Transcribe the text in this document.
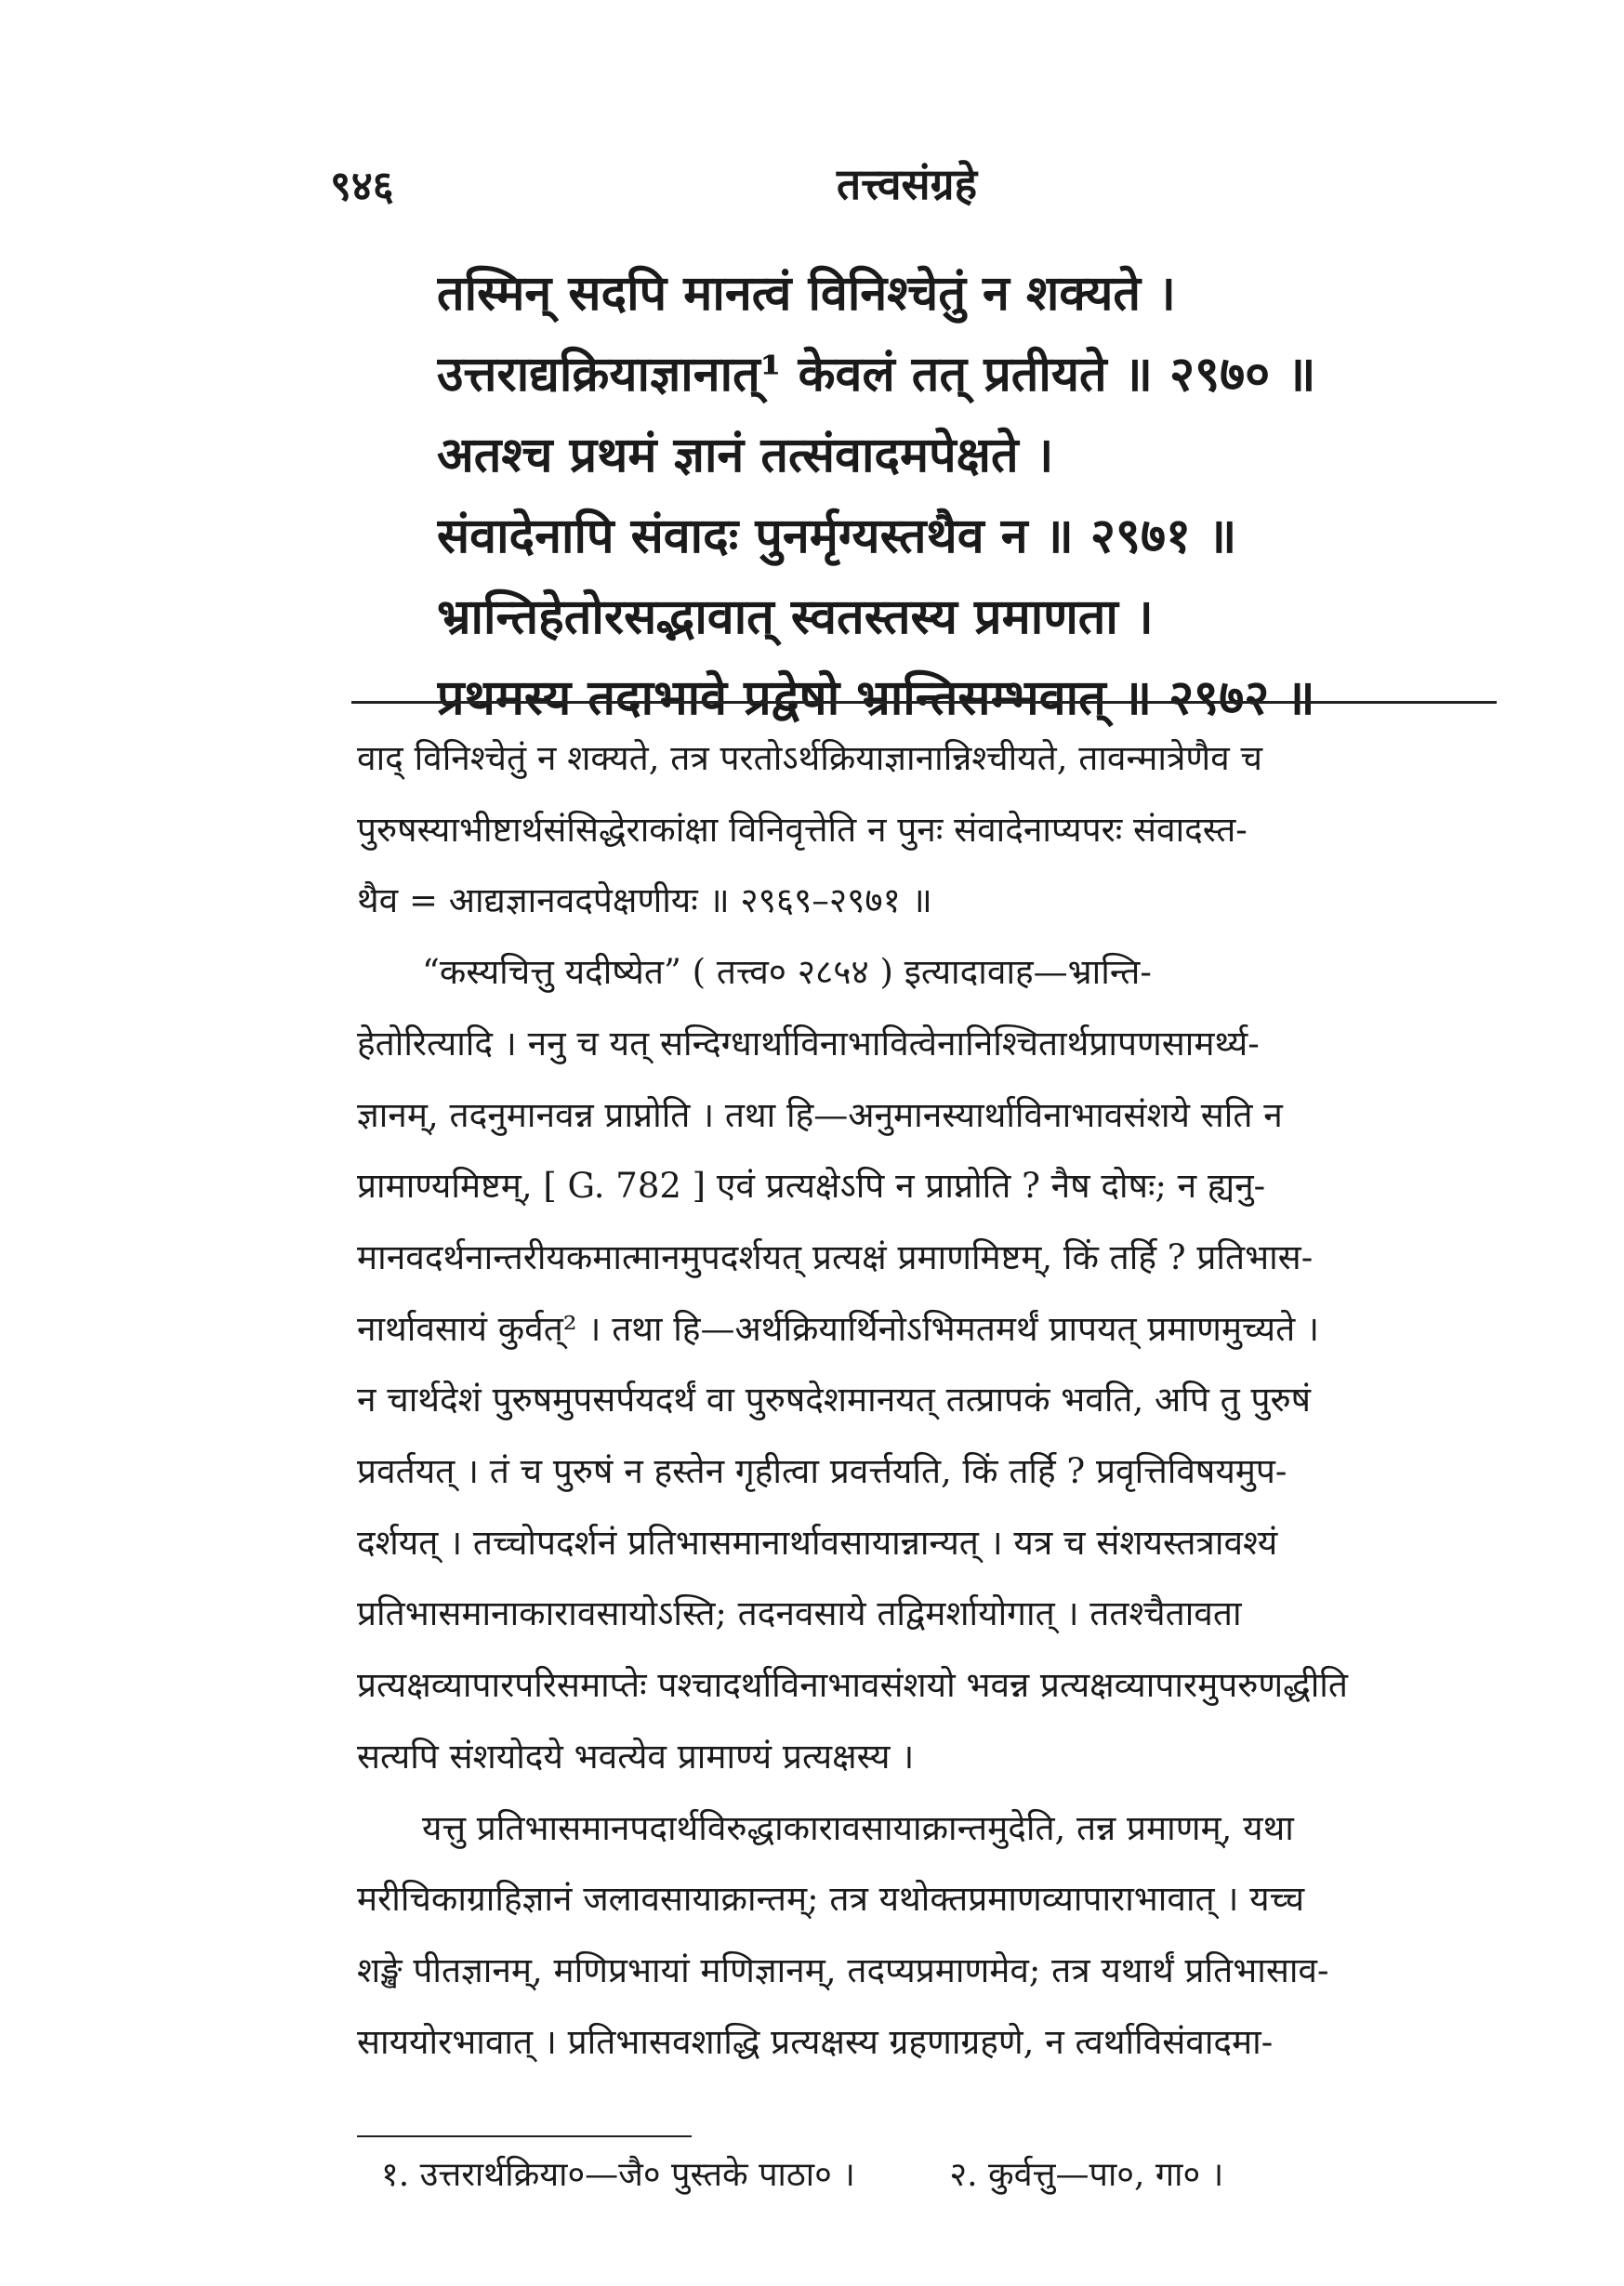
९४६	तत्त्वसंग्रहे
तस्मिन् सदपि मानत्वं विनिश्चेतुं न शक्यते ।
उत्तराद्यक्रियाज्ञानात्¹ केवलं तत् प्रतीयते ॥ २९७० ॥
अतश्च प्रथमं ज्ञानं तत्संवादमपेक्षते ।
संवादेनापि संवादः पुनर्मृग्यस्तथैव न ॥ २९७१ ॥
भ्रान्तिहेतोरसद्भावात् स्वतस्तस्य प्रमाणता ।
प्रथमस्य तदाभावे प्रद्वेषो भ्रान्तिसम्भवात् ॥ २९७२ ॥
वाद् विनिश्चेतुं न शक्यते, तत्र परतोऽर्थक्रियाज्ञानान्निश्चीयते, तावन्मात्रेणैव च
पुरुषस्याभीष्टार्थसंसिद्धेराकांक्षा विनिवृत्तेति न पुनः संवादेनाप्यपरः संवादस्त-
थैव = आद्यज्ञानवदपेक्षणीयः ॥ २९६९–२९७१ ॥
“कस्यचित्तु यदीष्येत” ( तत्त्व० २८५४ ) इत्यादावाह—भ्रान्ति-
हेतोरित्यादि । ननु च यत् सन्दिग्धार्थाविनाभावित्वेनानिश्चितार्थप्रापणसामर्थ्य-
ज्ञानम्, तदनुमानवन्न प्राप्नोति । तथा हि—अनुमानस्यार्थाविनाभावसंशये सति न
प्रामाण्यमिष्टम्, [ G. 782 ] एवं प्रत्यक्षेऽपि न प्राप्नोति ? नैष दोषः; न ह्यनु-
मानवदर्थनान्तरीयकमात्मानमुपदर्शयत् प्रत्यक्षं प्रमाणमिष्टम्, किं तर्हि ? प्रतिभास-
नार्थावसायं कुर्वत्² । तथा हि—अर्थक्रियार्थिनोऽभिमतमर्थं प्रापयत् प्रमाणमुच्यते ।
न चार्थदेशं पुरुषमुपसर्पयदर्थं वा पुरुषदेशमानयत् तत्प्रापकं भवति, अपि तु पुरुषं
प्रवर्तयत् । तं च पुरुषं न हस्तेन गृहीत्वा प्रवर्त्तयति, किं तर्हि ? प्रवृत्तिविषयमुप-
दर्शयत् । तच्चोपदर्शनं प्रतिभासमानार्थावसायान्नान्यत् । यत्र च संशयस्तत्रावश्यं
प्रतिभासमानाकारावसायोऽस्ति; तदनवसाये तद्विमर्शायोगात् । ततश्चैतावता
प्रत्यक्षव्यापारपरिसमाप्तेः पश्चादर्थाविनाभावसंशयो भवन्न प्रत्यक्षव्यापारमुपरुणद्धीति
सत्यपि संशयोदये भवत्येव प्रामाण्यं प्रत्यक्षस्य ।
यत्तु प्रतिभासमानपदार्थविरुद्धाकारावसायाक्रान्तमुदेति, तन्न प्रमाणम्, यथा
मरीचिकाग्राहिज्ञानं जलावसायाक्रान्तम्; तत्र यथोक्तप्रमाणव्यापाराभावात् । यच्च
शङ्खे पीतज्ञानम्, मणिप्रभायां मणिज्ञानम्, तदप्यप्रमाणमेव; तत्र यथार्थं प्रतिभासाव-
साययोरभावात् । प्रतिभासवशाद्धि प्रत्यक्षस्य ग्रहणाग्रहणे, न त्वर्थाविसंवादमा-
१. उत्तरार्थक्रिया०—जै० पुस्तके पाठा० ।	२. कुर्वत्तु—पा०, गा० ।
